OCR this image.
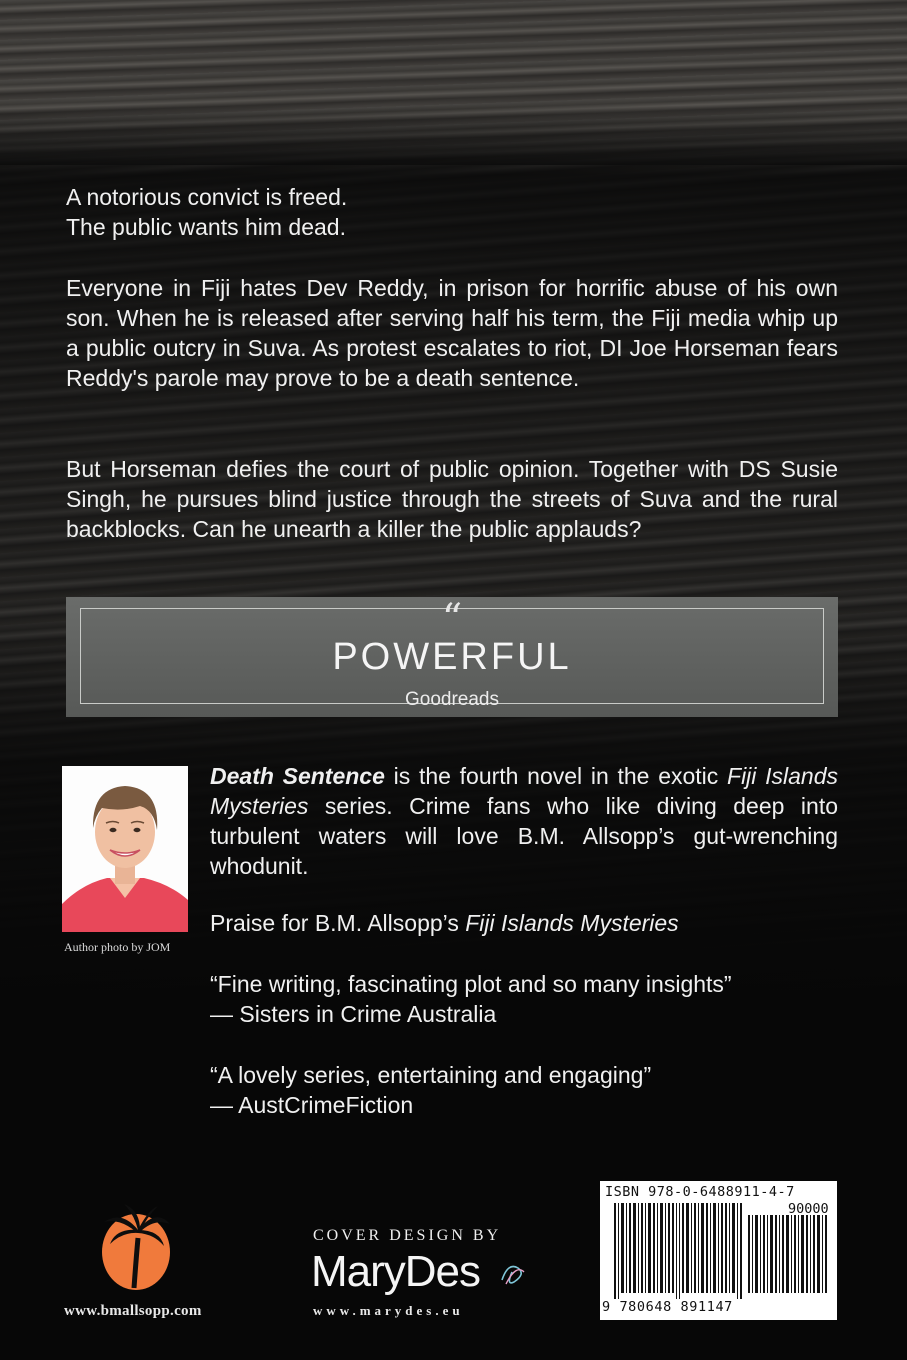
A notorious convict is freed.
The public wants him dead.

Everyone in Fiji hates Dev Reddy, in prison for horrific abuse of his own son. When he is released after serving half his term, the Fiji media whip up a public outcry in Suva. As protest escalates to riot, DI Joe Horseman fears Reddy's parole may prove to be a death sentence.

But Horseman defies the court of public opinion. Together with DS Susie Singh, he pursues blind justice through the streets of Suva and the rural backblocks. Can he unearth a killer the public applauds?

“
POWERFUL
Goodreads
Author photo by JOM

Death Sentence is the fourth novel in the exotic Fiji Islands Mysteries series. Crime fans who like diving deep into turbulent waters will love B.M. Allsopp’s gut-wrenching whodunit.

Praise for B.M. Allsopp’s Fiji Islands Mysteries

“Fine writing, fascinating plot and so many insights”
— Sisters in Crime Australia

“A lovely series, entertaining and engaging”
— AustCrimeFiction

www.bmallsopp.com
COVER DESIGN BY
MaryDes
www.marydes.eu
ISBN 978-0-6488911-4-7
90000
9 780648 891147
